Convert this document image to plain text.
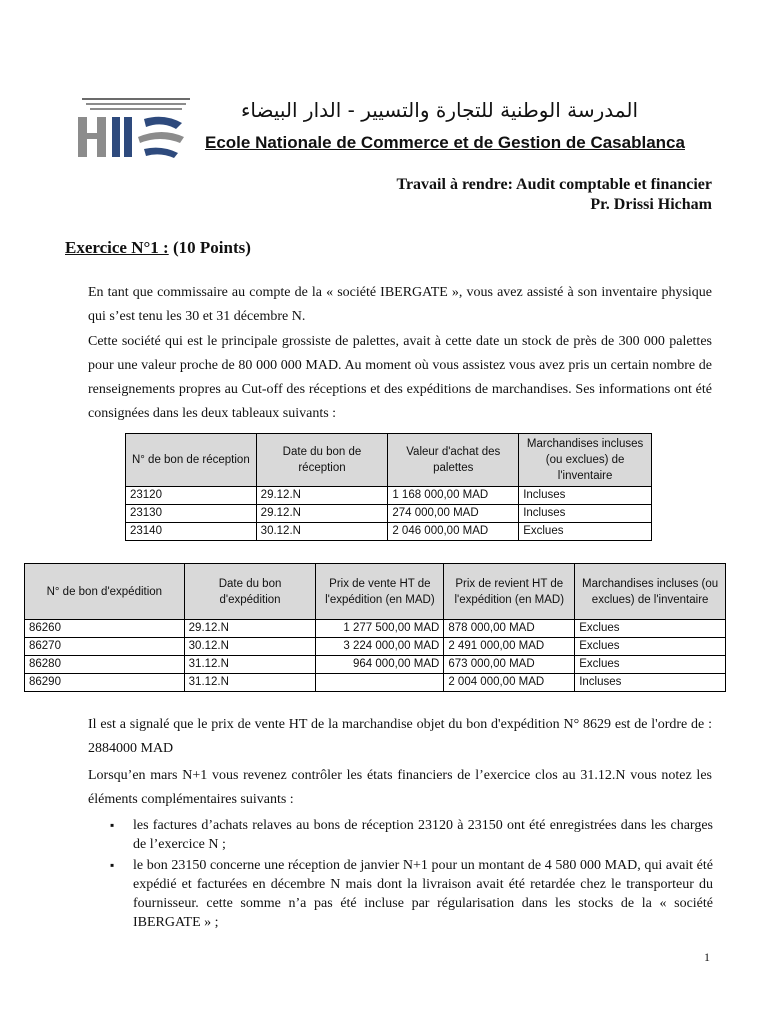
المدرسة الوطنية للتجارة والتسيير - الدار البيضاء
Ecole Nationale de Commerce et de Gestion de Casablanca
Travail à rendre: Audit comptable et financier
Pr. Drissi Hicham
Exercice N°1 : (10 Points)

En tant que commissaire au compte de la « société IBERGATE », vous avez assisté à son inventaire physique qui s’est tenu les 30 et 31 décembre N.

Cette société qui est le principale grossiste de palettes, avait à cette date un stock de près de 300 000 palettes pour une valeur proche de 80 000 000 MAD. Au moment où vous assistez vous avez pris un certain nombre de renseignements propres au Cut-off des réceptions et des expéditions de marchandises. Ses informations ont été consignées dans les deux tableaux suivants :

N° de bon de réception	Date du bon de réception	Valeur d'achat des palettes	Marchandises incluses (ou exclues) de l'inventaire
23120	29.12.N	1 168 000,00 MAD	Incluses
23130	29.12.N	274 000,00 MAD	Incluses
23140	30.12.N	2 046 000,00 MAD	Exclues
N° de bon d'expédition	Date du bon d'expédition	Prix de vente HT de l'expédition (en MAD)	Prix de revient HT de l'expédition (en MAD)	Marchandises incluses (ou exclues) de l'inventaire
86260	29.12.N	1 277 500,00 MAD	878 000,00 MAD	Exclues
86270	30.12.N	3 224 000,00 MAD	2 491 000,00 MAD	Exclues
86280	31.12.N	964 000,00 MAD	673 000,00 MAD	Exclues
86290	31.12.N		2 004 000,00 MAD	Incluses

Il est a signalé que le prix de vente HT de la marchandise objet du bon d'expédition N° 8629 est de l'ordre de : 2884000 MAD

Lorsqu’en mars N+1 vous revenez contrôler les états financiers de l’exercice clos au 31.12.N vous notez les éléments complémentaires suivants :

▪ les factures d’achats relaves au bons de réception 23120 à 23150 ont été enregistrées dans les charges de l’exercice N ;
▪ le bon 23150 concerne une réception de janvier N+1 pour un montant de 4 580 000 MAD, qui avait été expédié et facturées en décembre N mais dont la livraison avait été retardée chez le transporteur du fournisseur. cette somme n’a pas été incluse par régularisation dans les stocks de la « société IBERGATE » ;
1
